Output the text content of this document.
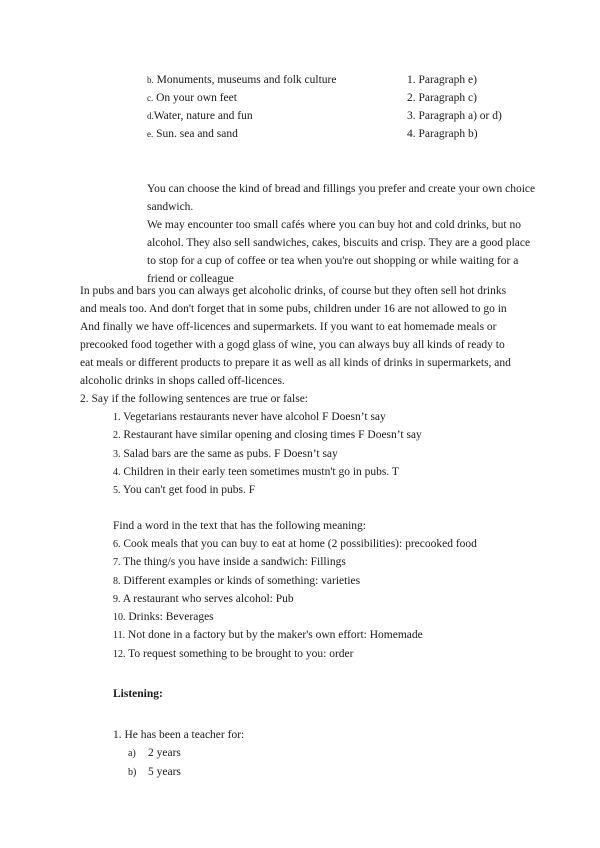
b. Monuments, museums and folk culture	1. Paragraph e)
c. On your own feet	2. Paragraph c)
d.Water, nature and fun	3. Paragraph a) or d)
e. Sun. sea and sand	4. Paragraph b)

You can choose the kind of bread and fillings you prefer and create your own choice sandwich.

We may encounter too small cafés where you can buy hot and cold drinks, but no alcohol. They also sell sandwiches, cakes, biscuits and crisp. They are a good place to stop for a cup of coffee or tea when you're out shopping or while waiting for a friend or colleague

In pubs and bars you can always get alcoholic drinks, of course but they often sell hot drinks and meals too. And don't forget that in some pubs, children under 16 are not allowed to go in And finally we have off-licences and supermarkets. If you want to eat homemade meals or precooked food together with a gogd glass of wine, you can always buy all kinds of ready to eat meals or different products to prepare it as well as all kinds of drinks in supermarkets, and alcoholic drinks in shops called off-licences.

2. Say if the following sentences are true or false:

1. Vegetarians restaurants never have alcohol F Doesn’t say
2. Restaurant have similar opening and closing times F Doesn’t say
3. Salad bars are the same as pubs. F Doesn’t say
4. Children in their early teen sometimes mustn't go in pubs. T
5. You can't get food in pubs. F

Find a word in the text that has the following meaning:

6. Cook meals that you can buy to eat at home (2 possibilities): precooked food
7. The thing/s you have inside a sandwich: Fillings
8. Different examples or kinds of something: varieties
9. A restaurant who serves alcohol: Pub
10. Drinks: Beverages
11. Not done in a factory but by the maker's own effort: Homemade
12. To request something to be brought to you: order

Listening:

1. He has been a teacher for:

a) 2 years
b) 5 years
